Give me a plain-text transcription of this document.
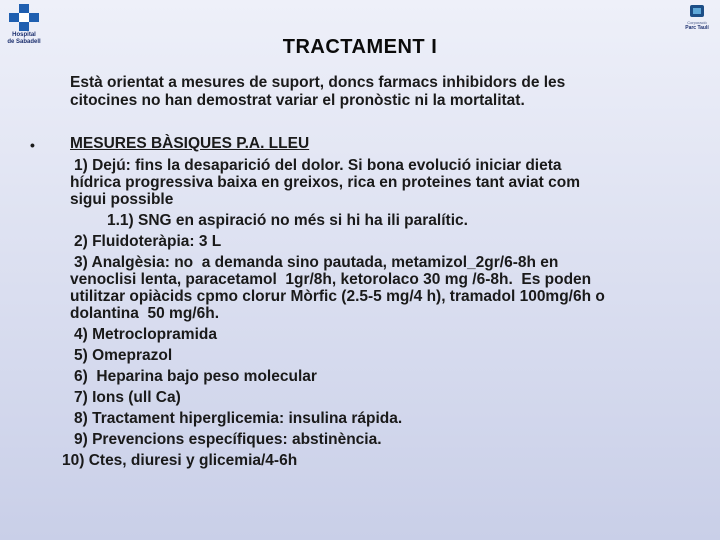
Hospital
de Sabadell
Corporació
Parc Taulí
TRACTAMENT I
Està orientat a mesures de suport, doncs farmacs inhibidors de les
citocines no han demostrat variar el pronòstic ni la mortalitat.
• MESURES BÀSIQUES P.A. LLEU
1) Dejú: fins la desaparició del dolor. Si bona evolució iniciar dieta
hídrica progressiva baixa en greixos, rica en proteines tant aviat com
sigui possible
1.1) SNG en aspiració no més si hi ha ili paralític.
2) Fluidoteràpia: 3 L
3) Analgèsia: no  a demanda sino pautada, metamizol_2gr/6-8h en
venoclisi lenta, paracetamol  1gr/8h, ketorolaco 30 mg /6-8h.  Es poden
utilitzar opiàcids cpmo clorur Mòrfic (2.5-5 mg/4 h), tramadol 100mg/6h o
dolantina  50 mg/6h.
4) Metroclopramida
5) Omeprazol
6)  Heparina bajo peso molecular
7) Ions (ull Ca)
8) Tractament hiperglicemia: insulina rápida.
9) Prevencions específiques: abstinència.
10) Ctes, diuresi y glicemia/4-6h
